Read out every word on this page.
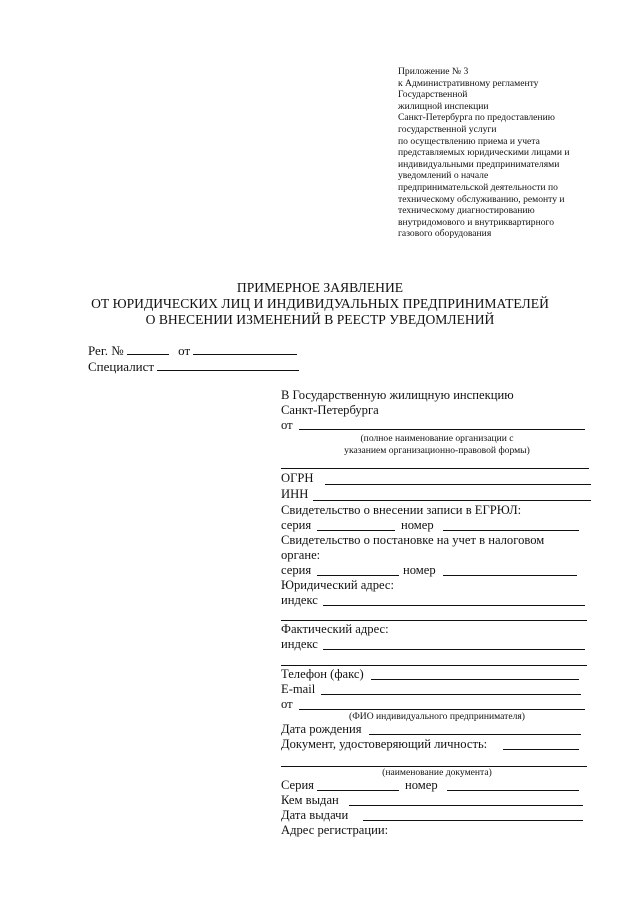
Приложение № 3
к Административному регламенту
Государственной
жилищной инспекции
Санкт-Петербурга по предоставлению
государственной услуги
по осуществлению приема и учета
представляемых юридическими лицами и
индивидуальными предпринимателями
уведомлений о начале
предпринимательской деятельности по
техническому обслуживанию, ремонту и
техническому диагностированию
внутридомового и внутриквартирного
газового оборудования
ПРИМЕРНОЕ ЗАЯВЛЕНИЕ
ОТ ЮРИДИЧЕСКИХ ЛИЦ И ИНДИВИДУАЛЬНЫХ ПРЕДПРИНИМАТЕЛЕЙ
О ВНЕСЕНИИ ИЗМЕНЕНИЙ В РЕЕСТР УВЕДОМЛЕНИЙ
Рег. №	от
Специалист
В Государственную жилищную инспекцию
Санкт-Петербурга
от
(полное наименование организации с
указанием организационно-правовой формы)
ОГРН
ИНН
Свидетельство о внесении записи в ЕГРЮЛ:
серия	номер
Свидетельство о постановке на учет в налоговом
органе:
серия	номер
Юридический адрес:
индекс
Фактический адрес:
индекс
Телефон (факс)
E-mail
от
(ФИО индивидуального предпринимателя)
Дата рождения
Документ, удостоверяющий личность:
(наименование документа)
Серия	номер
Кем выдан
Дата выдачи
Адрес регистрации:
